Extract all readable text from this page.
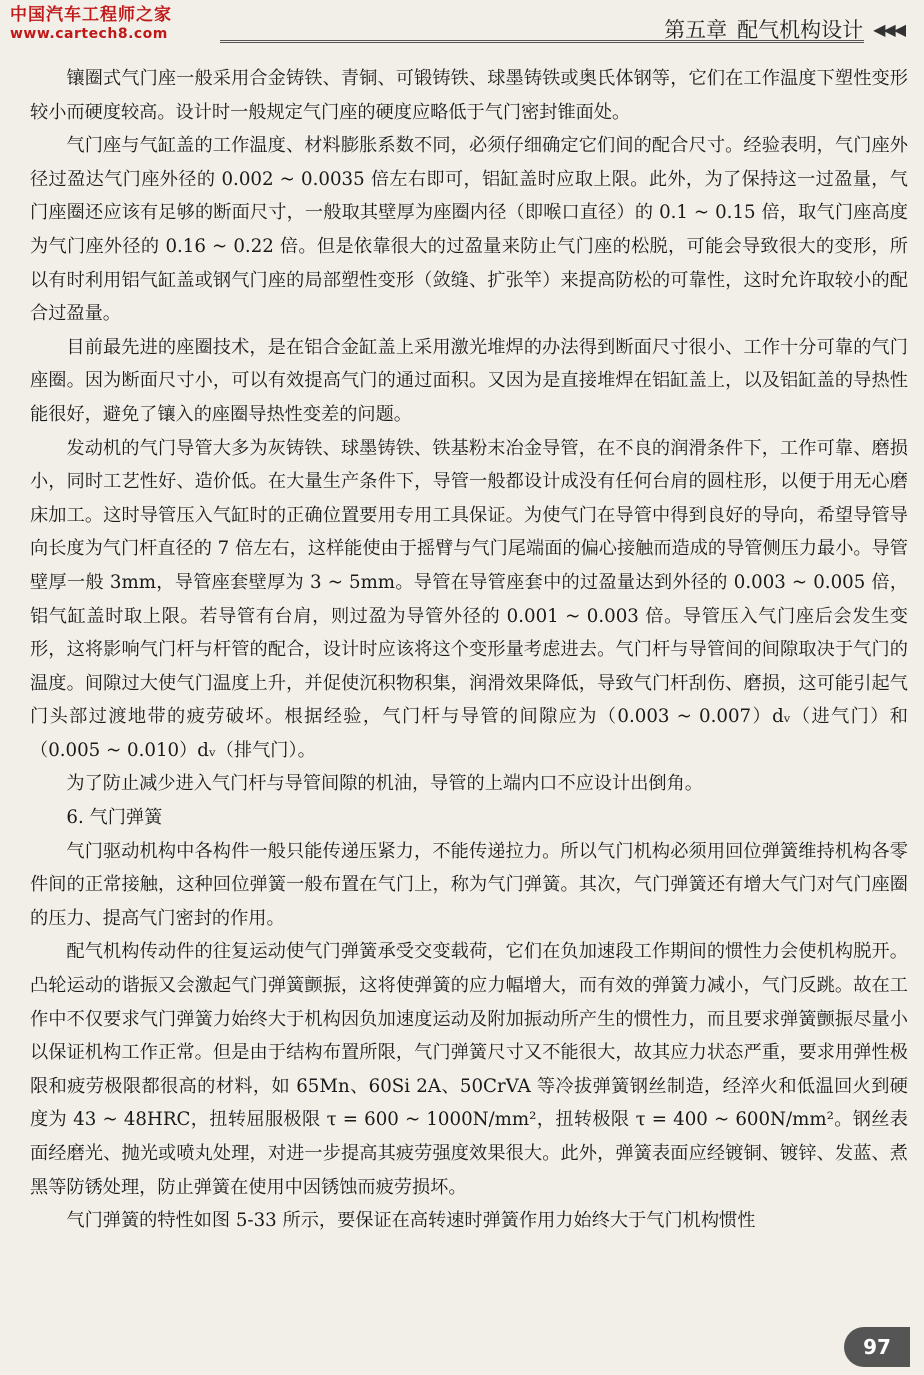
中国汽车工程师之家
www.cartech8.com	第五章 配气机构设计 ◀◀◀

镶圈式气门座一般采用合金铸铁、青铜、可锻铸铁、球墨铸铁或奥氏体钢等，它们在工作温度下塑性变形较小而硬度较高。设计时一般规定气门座的硬度应略低于气门密封锥面处。

气门座与气缸盖的工作温度、材料膨胀系数不同，必须仔细确定它们间的配合尺寸。经验表明，气门座外径过盈达气门座外径的 0.002 ~ 0.0035 倍左右即可，铝缸盖时应取上限。此外，为了保持这一过盈量，气门座圈还应该有足够的断面尺寸，一般取其壁厚为座圈内径（即喉口直径）的 0.1 ~ 0.15 倍，取气门座高度为气门座外径的 0.16 ~ 0.22 倍。但是依靠很大的过盈量来防止气门座的松脱，可能会导致很大的变形，所以有时利用铝气缸盖或钢气门座的局部塑性变形（敛缝、扩张竿）来提高防松的可靠性，这时允许取较小的配合过盈量。

目前最先进的座圈技术，是在铝合金缸盖上采用激光堆焊的办法得到断面尺寸很小、工作十分可靠的气门座圈。因为断面尺寸小，可以有效提高气门的通过面积。又因为是直接堆焊在铝缸盖上，以及铝缸盖的导热性能很好，避免了镶入的座圈导热性变差的问题。

发动机的气门导管大多为灰铸铁、球墨铸铁、铁基粉末冶金导管，在不良的润滑条件下，工作可靠、磨损小，同时工艺性好、造价低。在大量生产条件下，导管一般都设计成没有任何台肩的圆柱形，以便于用无心磨床加工。这时导管压入气缸时的正确位置要用专用工具保证。为使气门在导管中得到良好的导向，希望导管导向长度为气门杆直径的 7 倍左右，这样能使由于摇臂与气门尾端面的偏心接触而造成的导管侧压力最小。导管壁厚一般 3mm，导管座套壁厚为 3 ~ 5mm。导管在导管座套中的过盈量达到外径的 0.003 ~ 0.005 倍，铝气缸盖时取上限。若导管有台肩，则过盈为导管外径的 0.001 ~ 0.003 倍。导管压入气门座后会发生变形，这将影响气门杆与杆管的配合，设计时应该将这个变形量考虑进去。气门杆与导管间的间隙取决于气门的温度。间隙过大使气门温度上升，并促使沉积物积集，润滑效果降低，导致气门杆刮伤、磨损，这可能引起气门头部过渡地带的疲劳破坏。根据经验，气门杆与导管的间隙应为（0.003 ~ 0.007）dᵥ（进气门）和（0.005 ~ 0.010）dᵥ（排气门）。

为了防止减少进入气门杆与导管间隙的机油，导管的上端内口不应设计出倒角。

6. 气门弹簧

气门驱动机构中各构件一般只能传递压紧力，不能传递拉力。所以气门机构必须用回位弹簧维持机构各零件间的正常接触，这种回位弹簧一般布置在气门上，称为气门弹簧。其次，气门弹簧还有增大气门对气门座圈的压力、提高气门密封的作用。

配气机构传动件的往复运动使气门弹簧承受交变载荷，它们在负加速段工作期间的惯性力会使机构脱开。凸轮运动的谐振又会激起气门弹簧颤振，这将使弹簧的应力幅增大，而有效的弹簧力减小，气门反跳。故在工作中不仅要求气门弹簧力始终大于机构因负加速度运动及附加振动所产生的惯性力，而且要求弹簧颤振尽量小以保证机构工作正常。但是由于结构布置所限，气门弹簧尺寸又不能很大，故其应力状态严重，要求用弹性极限和疲劳极限都很高的材料，如 65Mn、60Si 2A、50CrVA 等冷拔弹簧钢丝制造，经淬火和低温回火到硬度为 43 ~ 48HRC，扭转屈服极限 τ = 600 ~ 1000N/mm²，扭转极限 τ = 400 ~ 600N/mm²。钢丝表面经磨光、抛光或喷丸处理，对进一步提高其疲劳强度效果很大。此外，弹簧表面应经镀铜、镀锌、发蓝、煮黑等防锈处理，防止弹簧在使用中因锈蚀而疲劳损坏。

气门弹簧的特性如图 5-33 所示，要保证在高转速时弹簧作用力始终大于气门机构惯性

97
